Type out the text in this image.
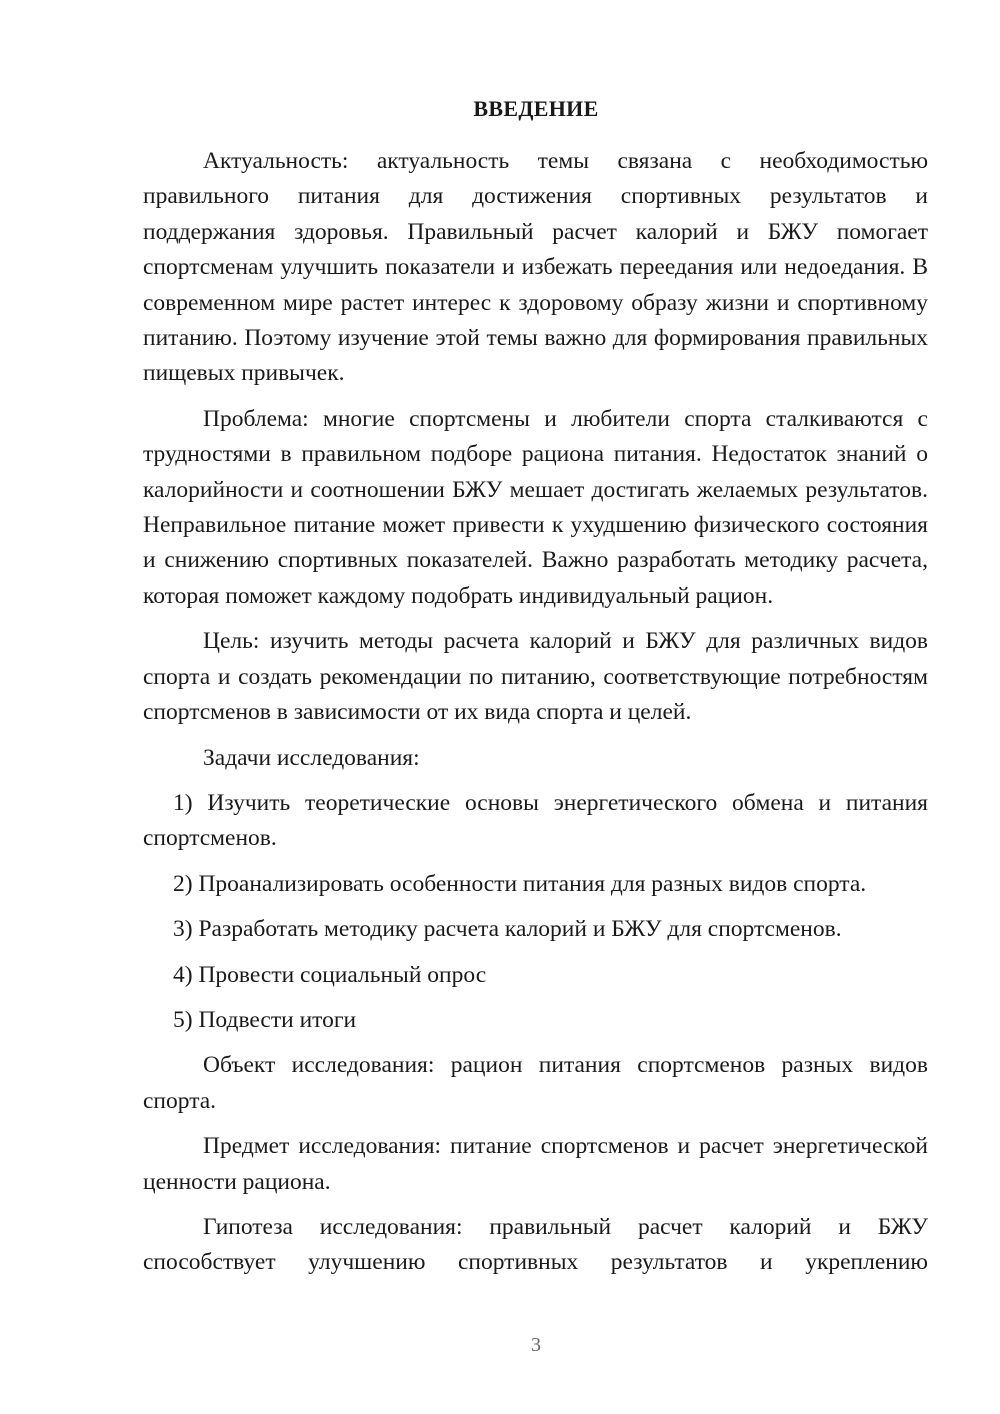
ВВЕДЕНИЕ

Актуальность: актуальность темы связана с необходимостью правильного питания для достижения спортивных результатов и поддержания здоровья. Правильный расчет калорий и БЖУ помогает спортсменам улучшить показатели и избежать переедания или недоедания. В современном мире растет интерес к здоровому образу жизни и спортивному питанию. Поэтому изучение этой темы важно для формирования правильных пищевых привычек.

Проблема: многие спортсмены и любители спорта сталкиваются с трудностями в правильном подборе рациона питания. Недостаток знаний о калорийности и соотношении БЖУ мешает достигать желаемых результатов. Неправильное питание может привести к ухудшению физического состояния и снижению спортивных показателей. Важно разработать методику расчета, которая поможет каждому подобрать индивидуальный рацион.

Цель: изучить методы расчета калорий и БЖУ для различных видов спорта и создать рекомендации по питанию, соответствующие потребностям спортсменов в зависимости от их вида спорта и целей.

Задачи исследования:

1) Изучить теоретические основы энергетического обмена и питания спортсменов.

2) Проанализировать особенности питания для разных видов спорта.

3) Разработать методику расчета калорий и БЖУ для спортсменов.

4) Провести социальный опрос

5) Подвести итоги

Объект исследования: рацион питания спортсменов разных видов спорта.

Предмет исследования: питание спортсменов и расчет энергетической ценности рациона.

Гипотеза исследования: правильный расчет калорий и БЖУ способствует улучшению спортивных результатов и укреплению

3
